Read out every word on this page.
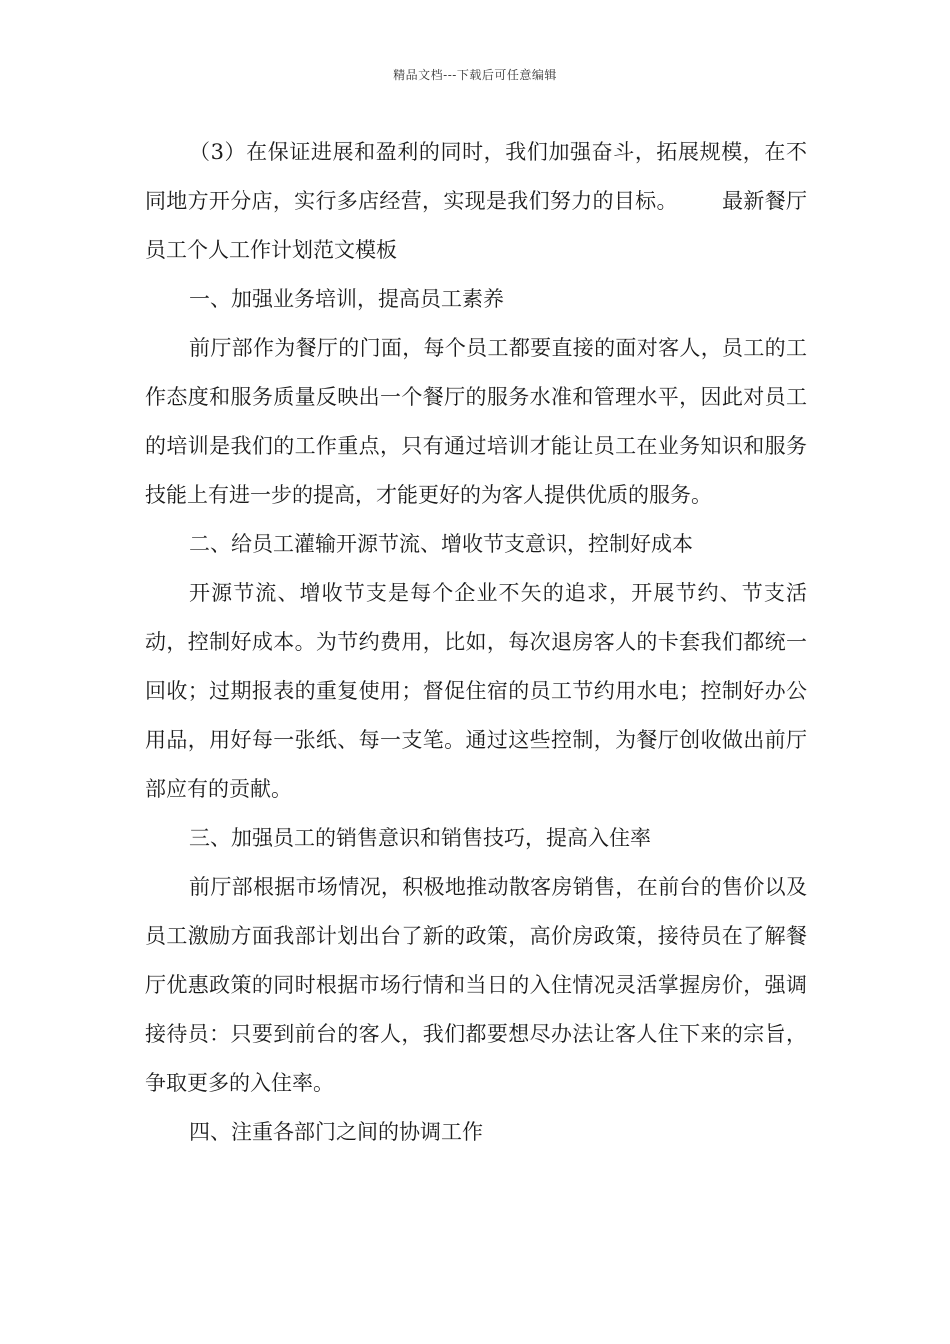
精品文档---下载后可任意编辑

（3）在保证进展和盈利的同时，我们加强奋斗，拓展规模，在不同地方开分店，实行多店经营，实现是我们努力的目标。 最新餐厅员工个人工作计划范文模板

一、加强业务培训，提高员工素养

前厅部作为餐厅的门面，每个员工都要直接的面对客人，员工的工作态度和服务质量反映出一个餐厅的服务水准和管理水平，因此对员工的培训是我们的工作重点，只有通过培训才能让员工在业务知识和服务技能上有进一步的提高，才能更好的为客人提供优质的服务。

二、给员工灌输开源节流、增收节支意识，控制好成本

开源节流、增收节支是每个企业不矢的追求，开展节约、节支活动，控制好成本。为节约费用，比如，每次退房客人的卡套我们都统一回收；过期报表的重复使用；督促住宿的员工节约用水电；控制好办公用品，用好每一张纸、每一支笔。通过这些控制，为餐厅创收做出前厅部应有的贡献。

三、加强员工的销售意识和销售技巧，提高入住率

前厅部根据市场情况，积极地推动散客房销售，在前台的售价以及员工激励方面我部计划出台了新的政策，高价房政策，接待员在了解餐厅优惠政策的同时根据市场行情和当日的入住情况灵活掌握房价，强调接待员：只要到前台的客人，我们都要想尽办法让客人住下来的宗旨，争取更多的入住率。

四、注重各部门之间的协调工作
